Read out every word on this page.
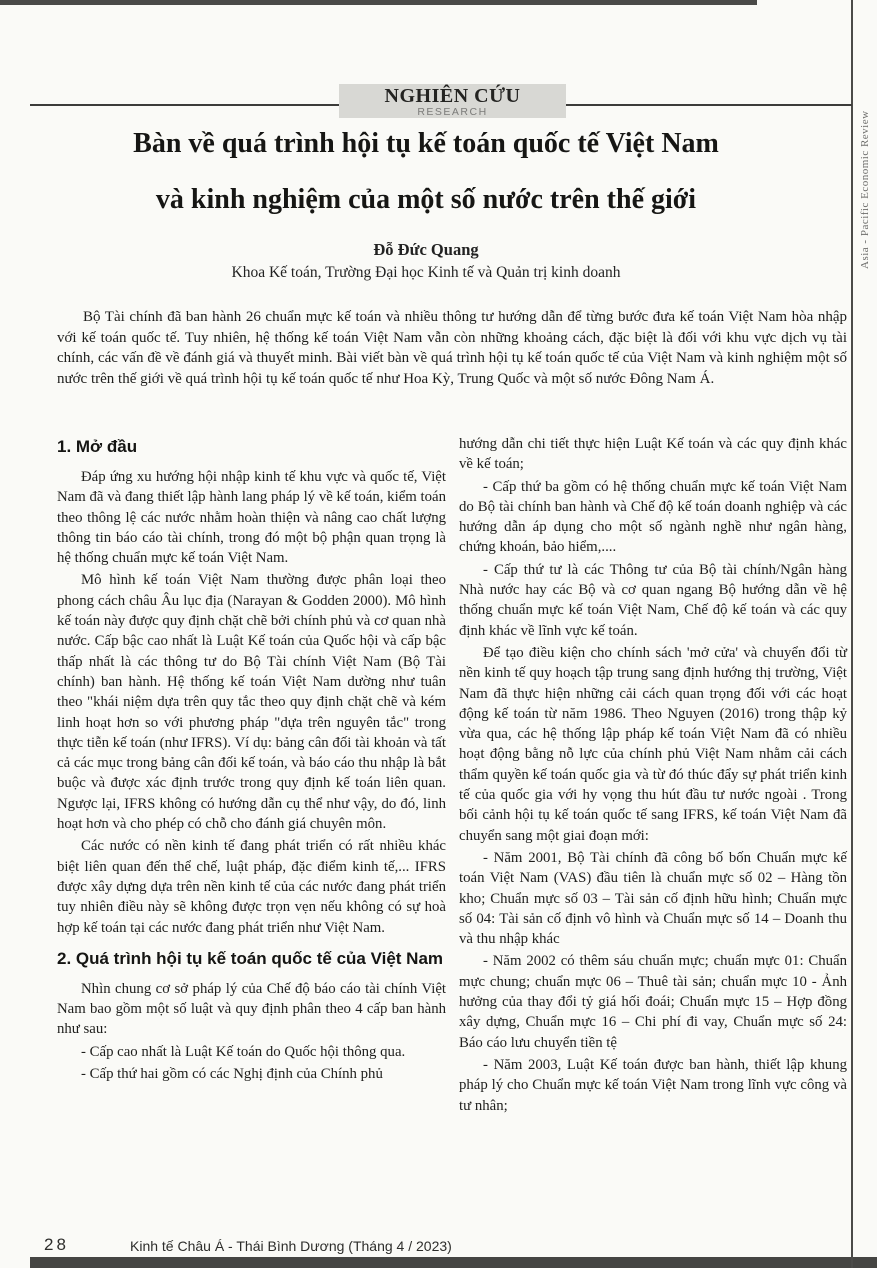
Asia - Pacific Economic Review
NGHIÊN CỨU
RESEARCH
Bàn về quá trình hội tụ kế toán quốc tế Việt Nam
và kinh nghiệm của một số nước trên thế giới
Đỗ Đức Quang
Khoa Kế toán, Trường Đại học Kinh tế và Quản trị kinh doanh
Bộ Tài chính đã ban hành 26 chuẩn mực kế toán và nhiều thông tư hướng dẫn để từng bước đưa kế toán Việt Nam hòa nhập với kế toán quốc tế. Tuy nhiên, hệ thống kế toán Việt Nam vẫn còn những khoảng cách, đặc biệt là đối với khu vực dịch vụ tài chính, các vấn đề về đánh giá và thuyết minh. Bài viết bàn về quá trình hội tụ kế toán quốc tế của Việt Nam và kinh nghiệm một số nước trên thế giới về quá trình hội tụ kế toán quốc tế như Hoa Kỳ, Trung Quốc và một số nước Đông Nam Á.
1. Mở đầu

Đáp ứng xu hướng hội nhập kinh tế khu vực và quốc tế, Việt Nam đã và đang thiết lập hành lang pháp lý về kế toán, kiểm toán theo thông lệ các nước nhằm hoàn thiện và nâng cao chất lượng thông tin báo cáo tài chính, trong đó một bộ phận quan trọng là hệ thống chuẩn mực kế toán Việt Nam.

Mô hình kế toán Việt Nam thường được phân loại theo phong cách châu Âu lục địa (Narayan & Godden 2000). Mô hình kế toán này được quy định chặt chẽ bởi chính phủ và cơ quan nhà nước. Cấp bậc cao nhất là Luật Kế toán của Quốc hội và cấp bậc thấp nhất là các thông tư do Bộ Tài chính Việt Nam (Bộ Tài chính) ban hành. Hệ thống kế toán Việt Nam dường như tuân theo "khái niệm dựa trên quy tắc theo quy định chặt chẽ và kém linh hoạt hơn so với phương pháp "dựa trên nguyên tắc" trong thực tiễn kế toán (như IFRS). Ví dụ: bảng cân đối tài khoản và tất cả các mục trong bảng cân đối kế toán, và báo cáo thu nhập là bắt buộc và được xác định trước trong quy định kế toán liên quan. Ngược lại, IFRS không có hướng dẫn cụ thể như vậy, do đó, linh hoạt hơn và cho phép có chỗ cho đánh giá chuyên môn.

Các nước có nền kinh tế đang phát triển có rất nhiều khác biệt liên quan đến thể chế, luật pháp, đặc điểm kinh tế,... IFRS được xây dựng dựa trên nền kinh tế của các nước đang phát triển tuy nhiên điều này sẽ không được trọn vẹn nếu không có sự hoà hợp kế toán tại các nước đang phát triển như Việt Nam.

2. Quá trình hội tụ kế toán quốc tế của Việt Nam

Nhìn chung cơ sở pháp lý của Chế độ báo cáo tài chính Việt Nam bao gồm một số luật và quy định phân theo 4 cấp ban hành như sau:

- Cấp cao nhất là Luật Kế toán do Quốc hội thông qua.

- Cấp thứ hai gồm có các Nghị định của Chính phủ

hướng dẫn chi tiết thực hiện Luật Kế toán và các quy định khác về kế toán;

- Cấp thứ ba gồm có hệ thống chuẩn mực kế toán Việt Nam do Bộ tài chính ban hành và Chế độ kế toán doanh nghiệp và các hướng dẫn áp dụng cho một số ngành nghề như ngân hàng, chứng khoán, bảo hiểm,....

- Cấp thứ tư là các Thông tư của Bộ tài chính/Ngân hàng Nhà nước hay các Bộ và cơ quan ngang Bộ hướng dẫn về hệ thống chuẩn mực kế toán Việt Nam, Chế độ kế toán và các quy định khác về lĩnh vực kế toán.

Để tạo điều kiện cho chính sách 'mở cửa' và chuyển đổi từ nền kinh tế quy hoạch tập trung sang định hướng thị trường, Việt Nam đã thực hiện những cải cách quan trọng đối với các hoạt động kế toán từ năm 1986. Theo Nguyen (2016) trong thập kỷ vừa qua, các hệ thống lập pháp kế toán Việt Nam đã có nhiều hoạt động bằng nỗ lực của chính phủ Việt Nam nhằm cải cách thẩm quyền kế toán quốc gia và từ đó thúc đẩy sự phát triển kinh tế của quốc gia với hy vọng thu hút đầu tư nước ngoài . Trong bối cảnh hội tụ kế toán quốc tế sang IFRS, kế toán Việt Nam đã chuyển sang một giai đoạn mới:

- Năm 2001, Bộ Tài chính đã công bố bốn Chuẩn mực kế toán Việt Nam (VAS) đầu tiên là chuẩn mực số 02 – Hàng tồn kho; Chuẩn mực số 03 – Tài sản cố định hữu hình; Chuẩn mực số 04: Tài sản cố định vô hình và Chuẩn mực số 14 – Doanh thu và thu nhập khác

- Năm 2002 có thêm sáu chuẩn mực; chuẩn mực 01: Chuẩn mực chung; chuẩn mực 06 – Thuê tài sản; chuẩn mực 10 - Ảnh hưởng của thay đổi tỷ giá hối đoái; Chuẩn mực 15 – Hợp đồng xây dựng, Chuẩn mực 16 – Chi phí đi vay, Chuẩn mực số 24: Báo cáo lưu chuyển tiền tệ

- Năm 2003, Luật Kế toán được ban hành, thiết lập khung pháp lý cho Chuẩn mực kế toán Việt Nam trong lĩnh vực công và tư nhân;

28	Kinh tế Châu Á - Thái Bình Dương (Tháng 4 / 2023)
